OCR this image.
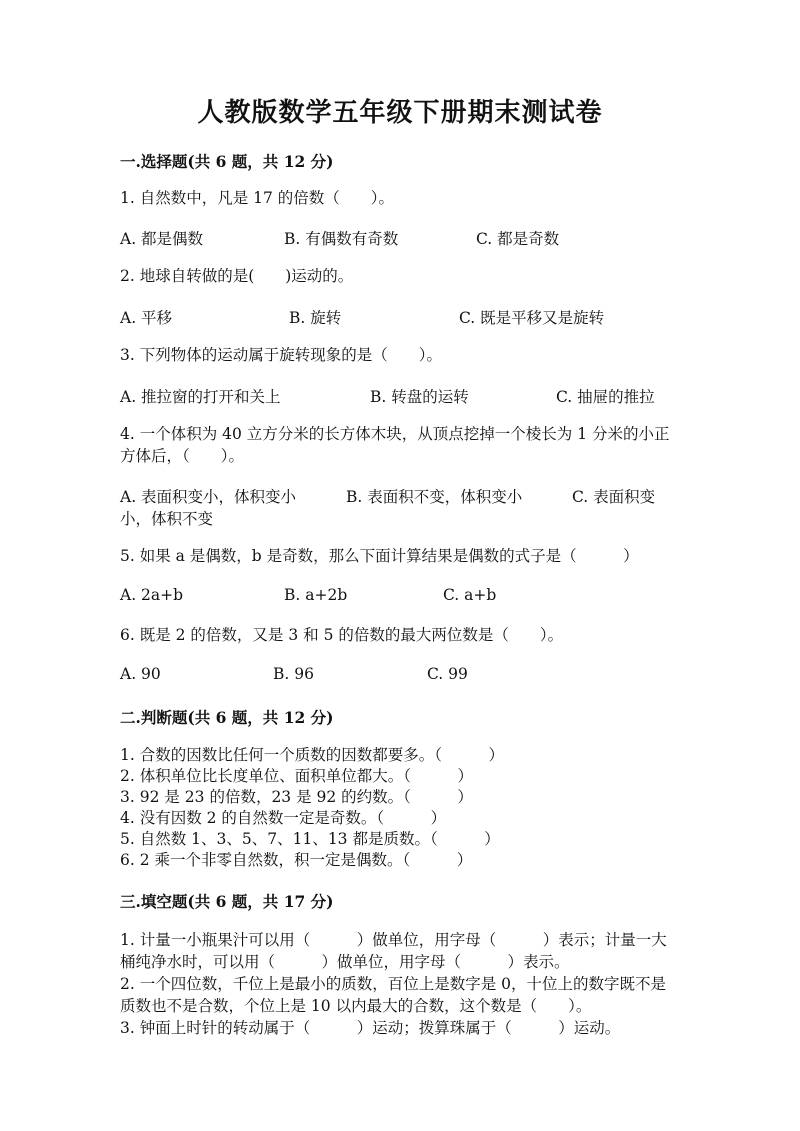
人教版数学五年级下册期末测试卷
一.选择题(共 6 题，共 12 分)
1. 自然数中，凡是 17 的倍数（　　）。
A. 都是偶数	B. 有偶数有奇数	C. 都是奇数
2. 地球自转做的是(　　)运动的。
A. 平移	B. 旋转	C. 既是平移又是旋转
3. 下列物体的运动属于旋转现象的是（　　）。
A. 推拉窗的打开和关上	B. 转盘的运转	C. 抽屉的推拉
4. 一个体积为 40 立方分米的长方体木块，从顶点挖掉一个棱长为 1 分米的小正方体后，（　　）。
A. 表面积变小，体积变小	B. 表面积不变，体积变小	C. 表面积变
小，体积不变
5. 如果 a 是偶数，b 是奇数，那么下面计算结果是偶数的式子是（　　　）
A. 2a+b	B. a+2b	C. a+b
6. 既是 2 的倍数，又是 3 和 5 的倍数的最大两位数是（　　）。
A. 90	B. 96	C. 99
二.判断题(共 6 题，共 12 分)
1. 合数的因数比任何一个质数的因数都要多。（　　　）
2. 体积单位比长度单位、面积单位都大。（　　　）
3. 92 是 23 的倍数，23 是 92 的约数。（　　　）
4. 没有因数 2 的自然数一定是奇数。（　　　）
5. 自然数 1、3、5、7、11、13 都是质数。（　　　）
6. 2 乘一个非零自然数，积一定是偶数。（　　　）
三.填空题(共 6 题，共 17 分)
1. 计量一小瓶果汁可以用（　　　）做单位，用字母（　　　）表示；计量一大桶纯净水时，可以用（　　　）做单位，用字母（　　　）表示。
2. 一个四位数，千位上是最小的质数，百位上是数字是 0，十位上的数字既不是质数也不是合数，个位上是 10 以内最大的合数，这个数是（　　）。
3. 钟面上时针的转动属于（　　　）运动；拨算珠属于（　　　）运动。
